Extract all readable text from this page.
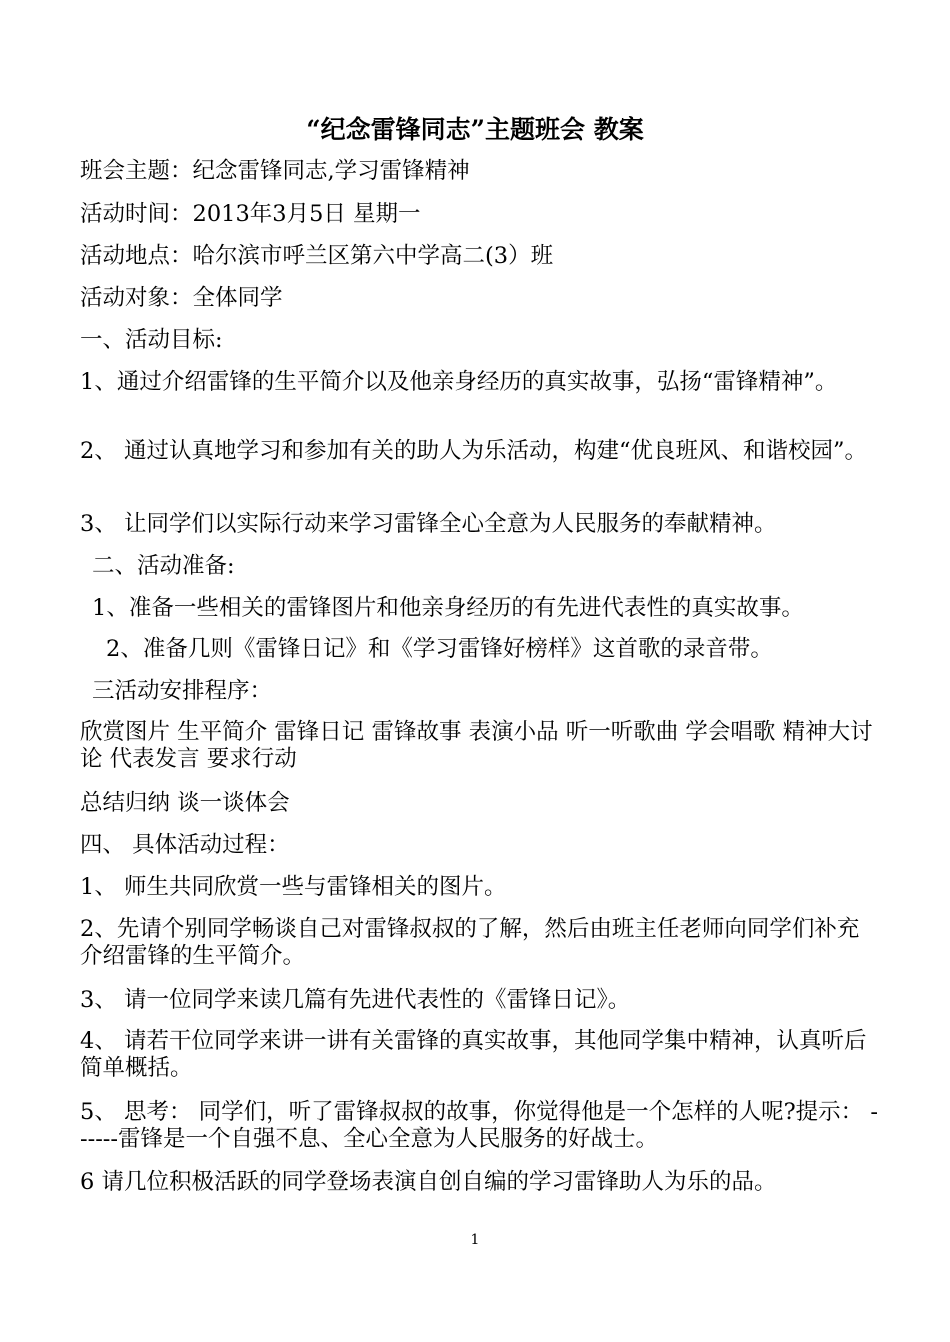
“纪念雷锋同志”主题班会 教案
班会主题：纪念雷锋同志,学习雷锋精神
活动时间：2013年3月5日 星期一
活动地点：哈尔滨市呼兰区第六中学高二(3）班
活动对象：全体同学
一、活动目标:
1、通过介绍雷锋的生平简介以及他亲身经历的真实故事，弘扬“雷锋精神”。
2、 通过认真地学习和参加有关的助人为乐活动，构建“优良班风、和谐校园”。
3、 让同学们以实际行动来学习雷锋全心全意为人民服务的奉献精神。
二、活动准备:
1、准备一些相关的雷锋图片和他亲身经历的有先进代表性的真实故事。
2、准备几则《雷锋日记》和《学习雷锋好榜样》这首歌的录音带。
三活动安排程序：
欣赏图片 生平简介 雷锋日记 雷锋故事 表演小品 听一听歌曲 学会唱歌 精神大讨论 代表发言 要求行动
总结归纳 谈一谈体会
四、 具体活动过程：
1、 师生共同欣赏一些与雷锋相关的图片。
2、先请个别同学畅谈自己对雷锋叔叔的了解，然后由班主任老师向同学们补充介绍雷锋的生平简介。
3、 请一位同学来读几篇有先进代表性的《雷锋日记》。
4、 请若干位同学来讲一讲有关雷锋的真实故事，其他同学集中精神，认真听后简单概括。
5、 思考： 同学们，听了雷锋叔叔的故事，你觉得他是一个怎样的人呢?提示： ------雷锋是一个自强不息、全心全意为人民服务的好战士。
6 请几位积极活跃的同学登场表演自创自编的学习雷锋助人为乐的品。
1
